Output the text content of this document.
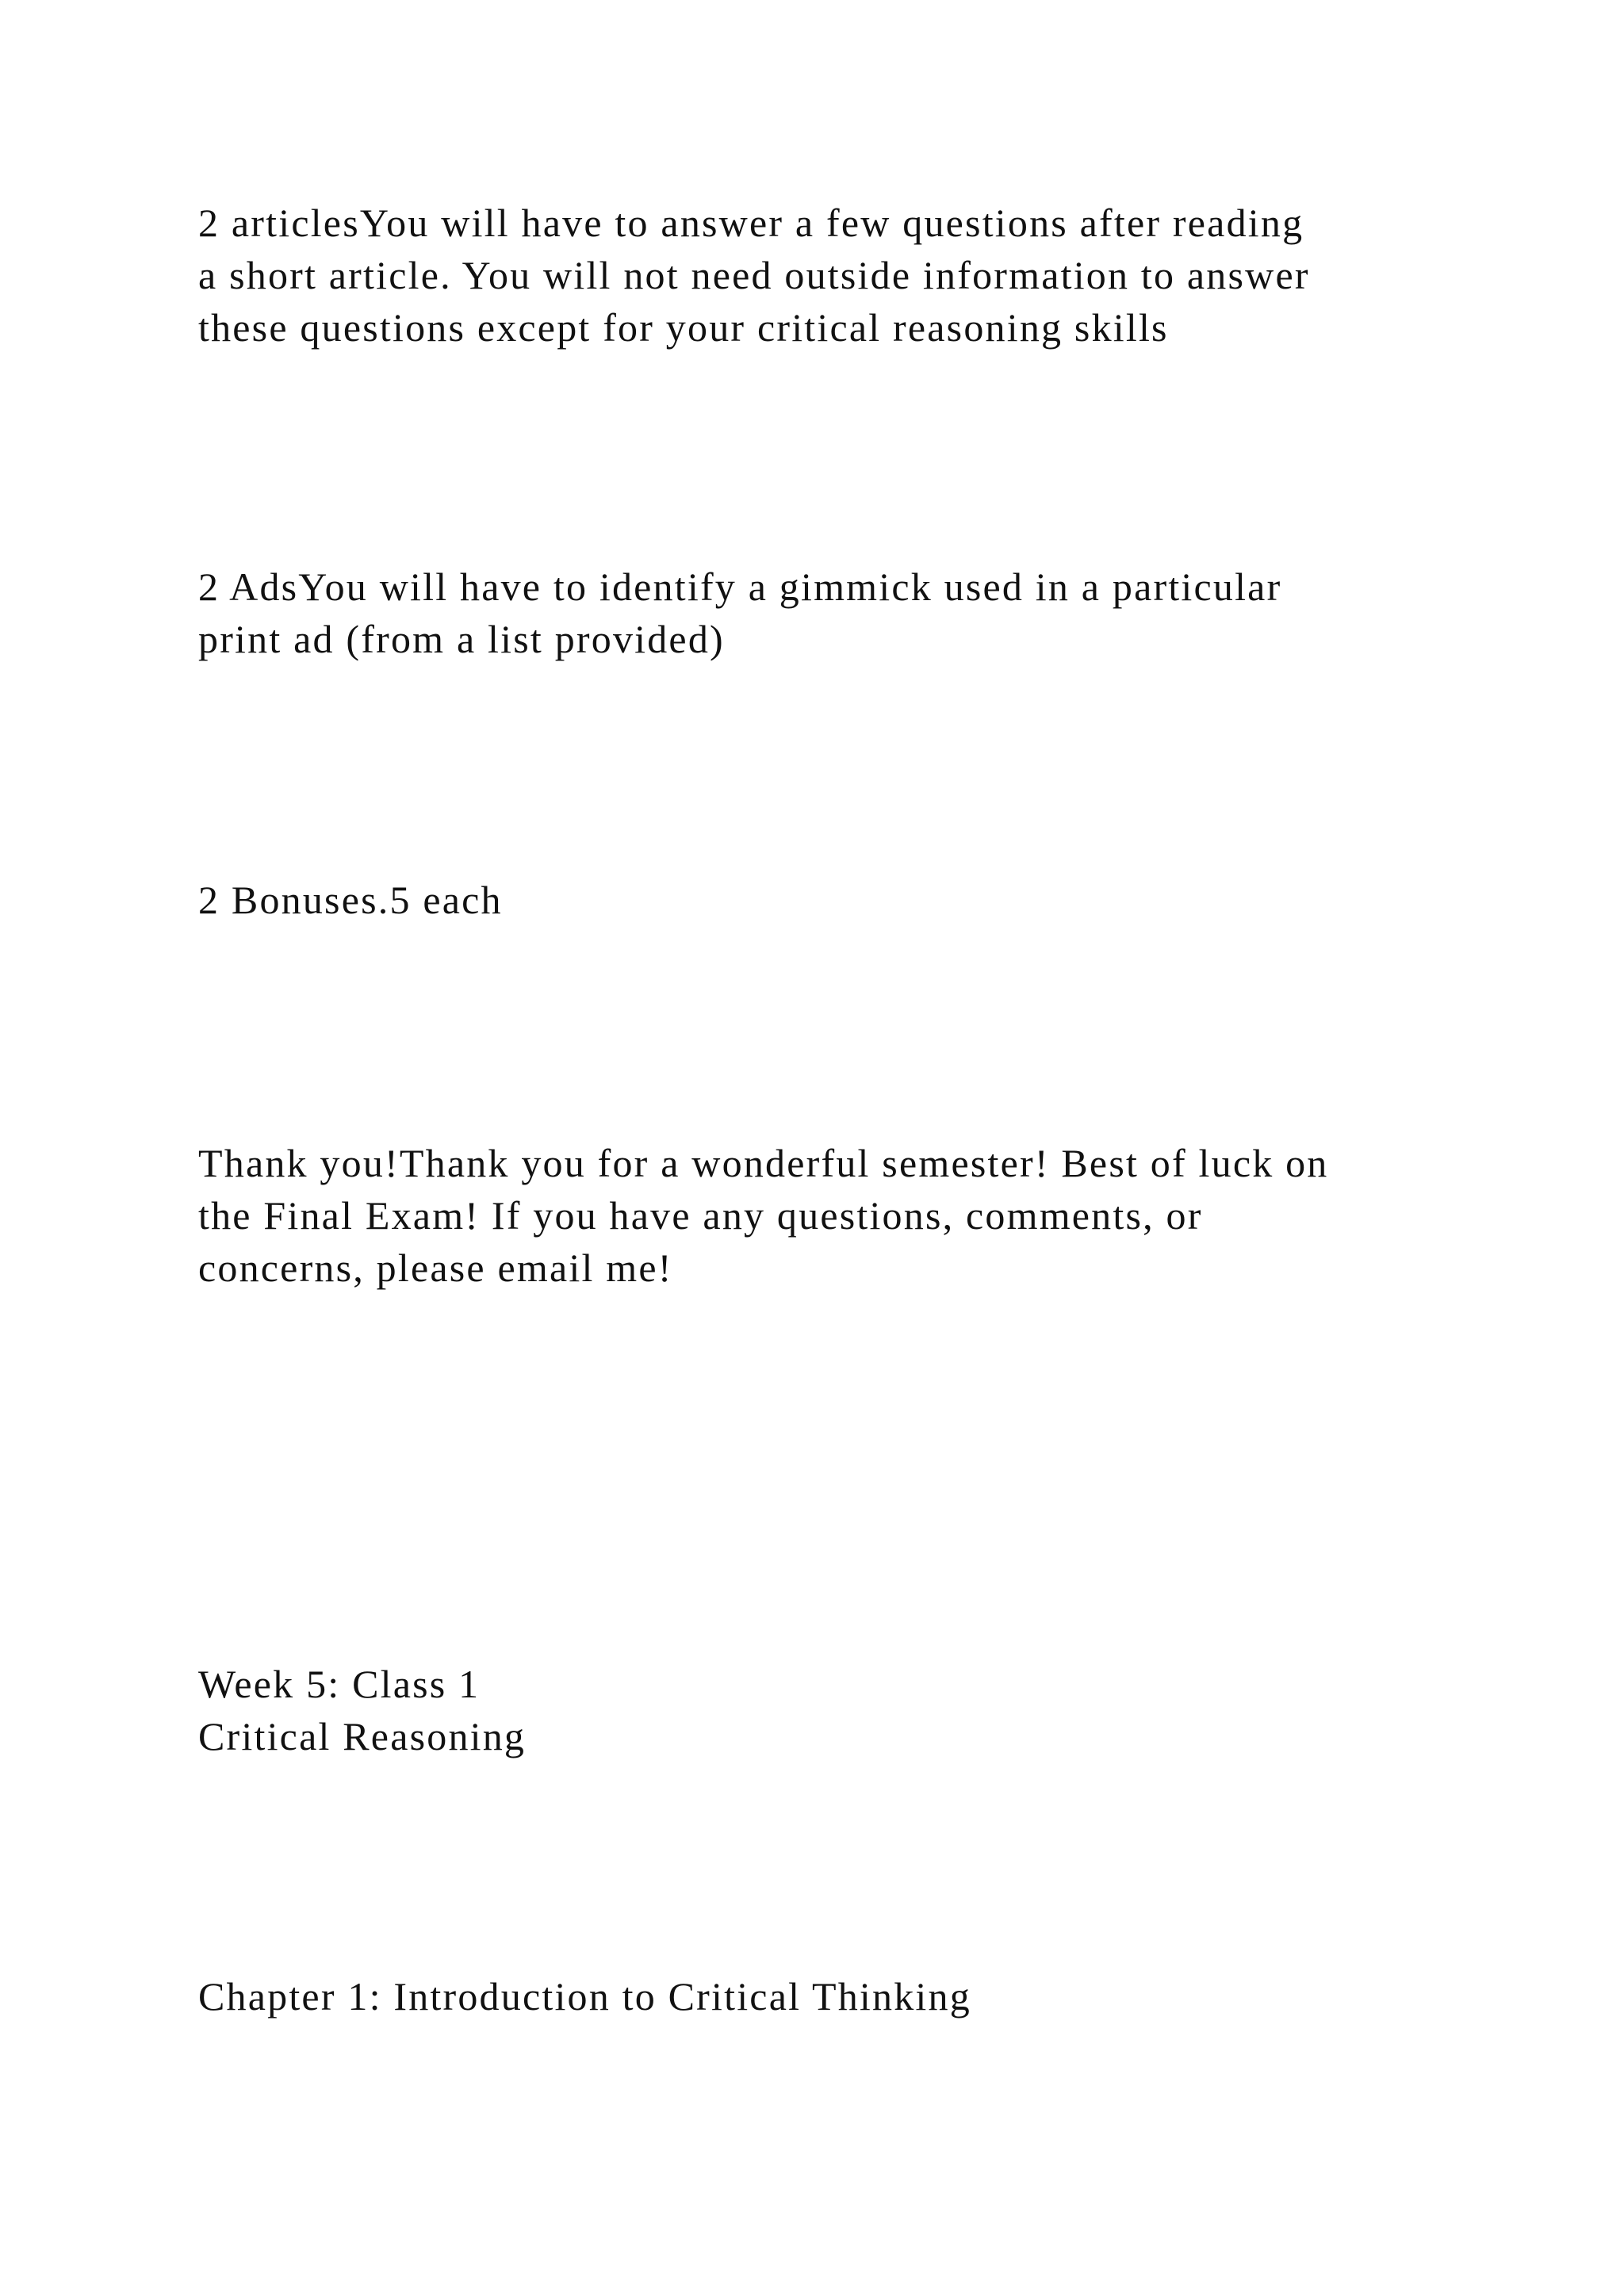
2 articlesYou will have to answer a few questions after reading
a short article. You will not need outside information to answer
these questions except for your critical reasoning skills

2 AdsYou will have to identify a gimmick used in a particular
print ad (from a list provided)

2 Bonuses.5 each

Thank you!Thank you for a wonderful semester! Best of luck on
the Final Exam! If you have any questions, comments, or
concerns, please email me!

Week 5: Class 1
Critical Reasoning

Chapter 1: Introduction to Critical Thinking
